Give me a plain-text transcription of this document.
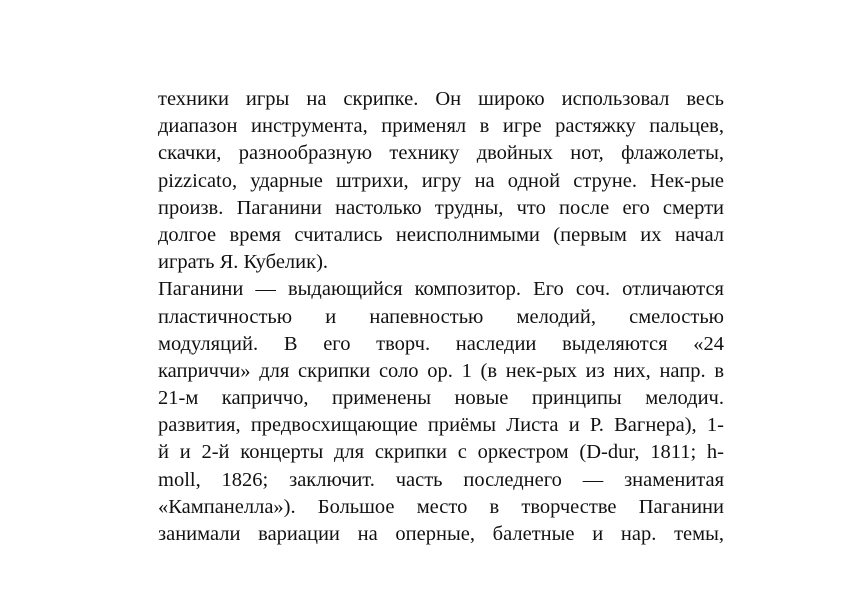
техники игры на скрипке. Он широко использовал весь
диапазон инструмента, применял в игре растяжку пальцев,
скачки, разнообразную технику двойных нот, флажолеты,
pizzicato, ударные штрихи, игру на одной струне. Нек-рые
произв. Паганини настолько трудны, что после его смерти
долгое время считались неисполнимыми (первым их начал
играть Я. Кубелик).
Паганини — выдающийся композитор. Его соч. отличаются
пластичностью и напевностью мелодий, смелостью
модуляций. В его творч. наследии выделяются «24
каприччи» для скрипки соло ор. 1 (в нек-рых из них, напр. в
21-м каприччо, применены новые принципы мелодич.
развития, предвосхищающие приёмы Листа и Р. Вагнера), 1-
й и 2-й концерты для скрипки с оркестром (D-dur, 1811; h-
moll, 1826; заключит. часть последнего — знаменитая
«Кампанелла»). Большое место в творчестве Паганини
занимали вариации на оперные, балетные и нар. темы,
